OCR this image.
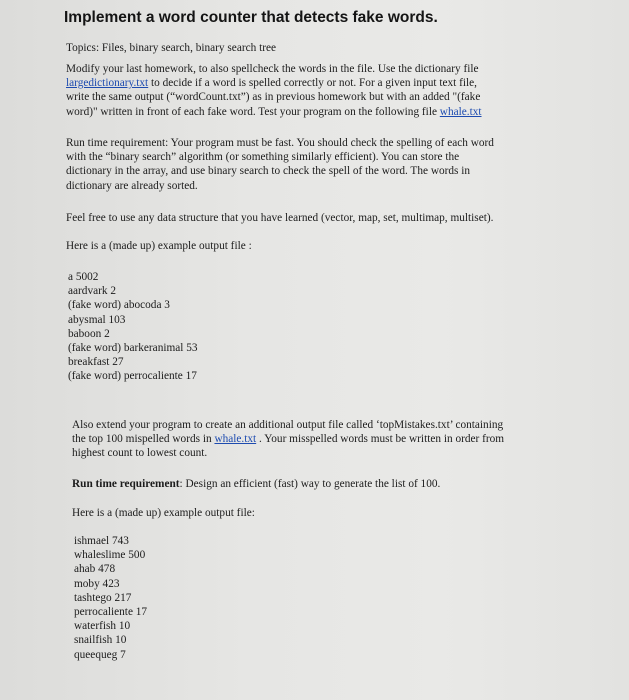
Implement a word counter that detects fake words.
Topics: Files, binary search, binary search tree
Modify your last homework, to also spellcheck the words in the file. Use the dictionary file
largedictionary.txt to decide if a word is spelled correctly or not. For a given input text file,
write the same output (“wordCount.txt”) as in previous homework but with an added "(fake
word)" written in front of each fake word. Test your program on the following file whale.txt
Run time requirement: Your program must be fast. You should check the spelling of each word
with the “binary search” algorithm (or something similarly efficient). You can store the
dictionary in the array, and use binary search to check the spell of the word. The words in
dictionary are already sorted.
Feel free to use any data structure that you have learned (vector, map, set, multimap, multiset).
Here is a (made up) example output file :
a 5002
aardvark 2
(fake word) abocoda 3
abysmal 103
baboon 2
(fake word) barkeranimal 53
breakfast 27
(fake word) perrocaliente 17
Also extend your program to create an additional output file called ‘topMistakes.txt’ containing
the top 100 mispelled words in whale.txt . Your misspelled words must be written in order from
highest count to lowest count.
Run time requirement: Design an efficient (fast) way to generate the list of 100.
Here is a (made up) example output file:
ishmael 743
whaleslime 500
ahab 478
moby 423
tashtego 217
perrocaliente 17
waterfish 10
snailfish 10
queequeg 7
